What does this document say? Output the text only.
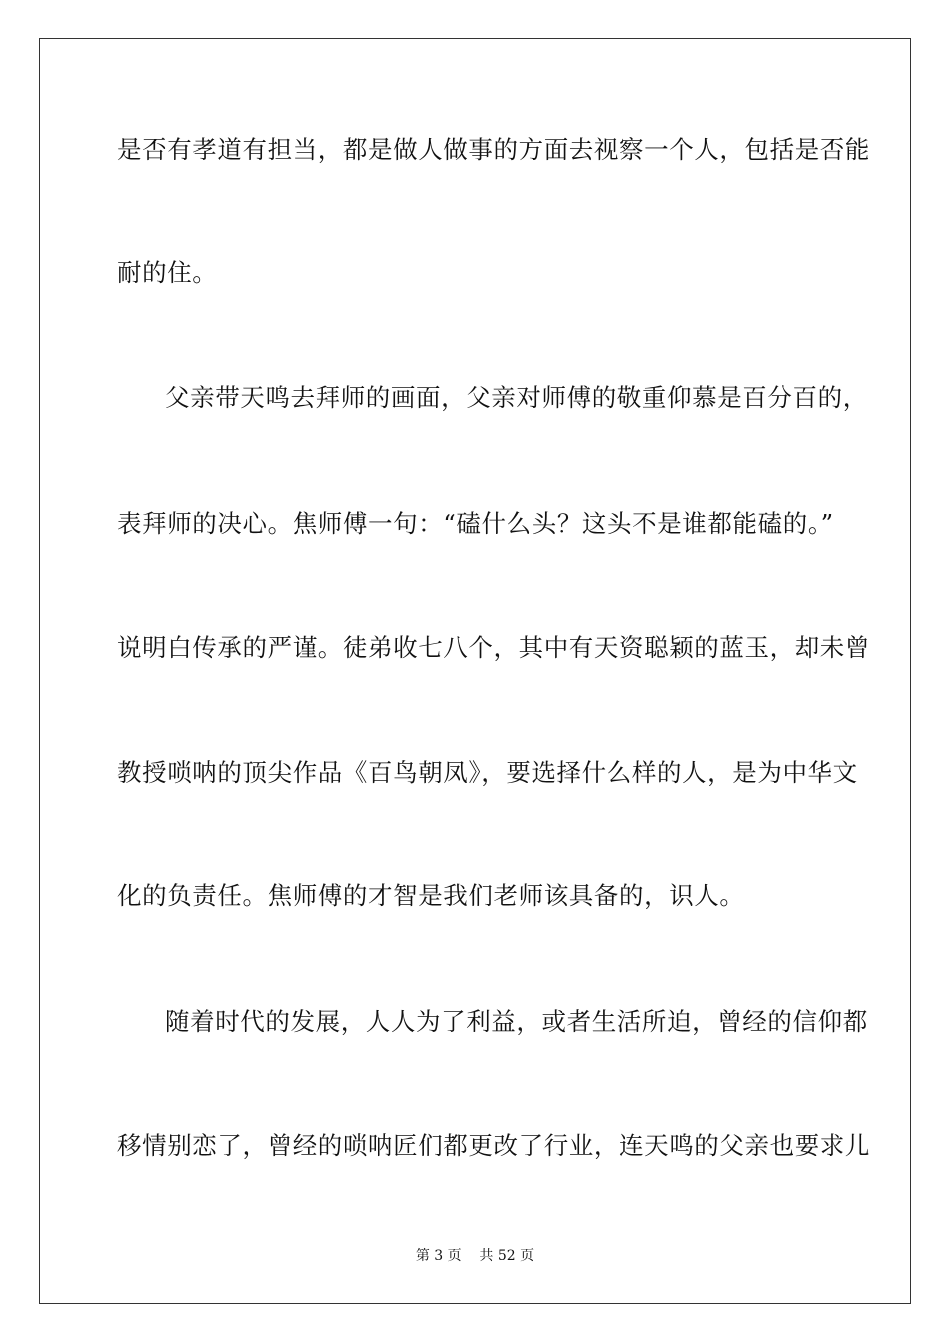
是否有孝道有担当，都是做人做事的方面去视察一个人，包括是否能
耐的住。
父亲带天鸣去拜师的画面，父亲对师傅的敬重仰慕是百分百的，
表拜师的决心。焦师傅一句：“磕什么头？这头不是谁都能磕的。”
说明白传承的严谨。徒弟收七八个，其中有天资聪颖的蓝玉，却未曾
教授唢呐的顶尖作品《百鸟朝凤》，要选择什么样的人，是为中华文
化的负责任。焦师傅的才智是我们老师该具备的，识人。
随着时代的发展，人人为了利益，或者生活所迫，曾经的信仰都
移情别恋了，曾经的唢呐匠们都更改了行业，连天鸣的父亲也要求儿
第 3 页    共 52 页
